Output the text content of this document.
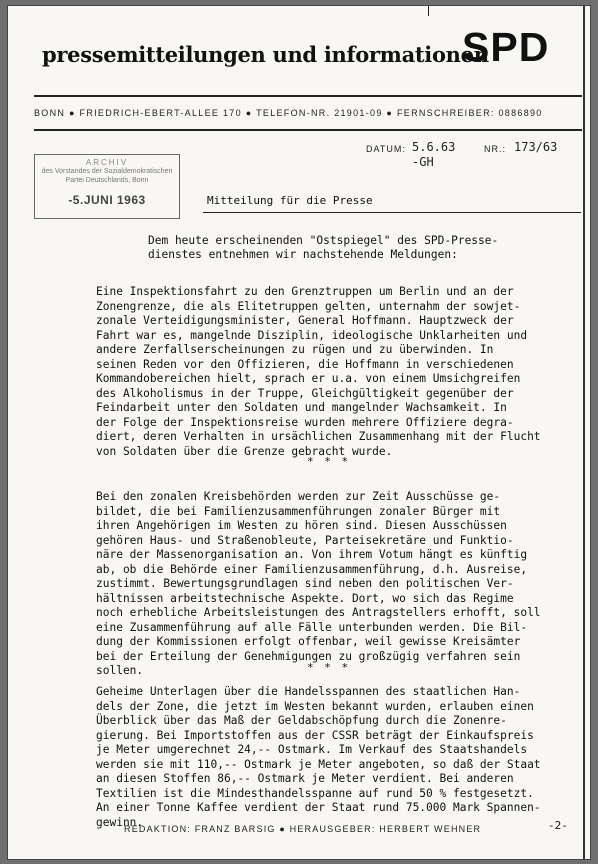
pressemitteilungen und informationen
SPD
BONN ● FRIEDRICH-EBERT-ALLEE 170 ● TELEFON-NR. 21901-09 ● FERNSCHREIBER: 0886890
DATUM: 5.6.63	NR.: 173/63
-GH
ARCHIV
des Vorstandes der Sozialdemokratischen
Partei Deutschlands, Bonn
-5.JUNI 1963	Mitteilung für die Presse
Dem heute erscheinenden "Ostspiegel" des SPD-Presse-
dienstes entnehmen wir nachstehende Meldungen:
Eine Inspektionsfahrt zu den Grenztruppen um Berlin und an der
Zonengrenze, die als Elitetruppen gelten, unternahm der sowjet-
zonale Verteidigungsminister, General Hoffmann. Hauptzweck der
Fahrt war es, mangelnde Disziplin, ideologische Unklarheiten und
andere Zerfallserscheinungen zu rügen und zu überwinden. In
seinen Reden vor den Offizieren, die Hoffmann in verschiedenen
Kommandobereichen hielt, sprach er u.a. von einem Umsichgreifen
des Alkoholismus in der Truppe, Gleichgültigkeit gegenüber der
Feindarbeit unter den Soldaten und mangelnder Wachsamkeit. In
der Folge der Inspektionsreise wurden mehrere Offiziere degra-
diert, deren Verhalten in ursächlichen Zusammenhang mit der Flucht
von Soldaten über die Grenze gebracht wurde.
* * *
Bei den zonalen Kreisbehörden werden zur Zeit Ausschüsse ge-
bildet, die bei Familienzusammenführungen zonaler Bürger mit
ihren Angehörigen im Westen zu hören sind. Diesen Ausschüssen
gehören Haus- und Straßenobleute, Parteisekretäre und Funktio-
näre der Massenorganisation an. Von ihrem Votum hängt es künftig
ab, ob die Behörde einer Familienzusammenführung, d.h. Ausreise,
zustimmt. Bewertungsgrundlagen sind neben den politischen Ver-
hältnissen arbeitstechnische Aspekte. Dort, wo sich das Regime
noch erhebliche Arbeitsleistungen des Antragstellers erhofft, soll
eine Zusammenführung auf alle Fälle unterbunden werden. Die Bil-
dung der Kommissionen erfolgt offenbar, weil gewisse Kreisämter
bei der Erteilung der Genehmigungen zu großzügig verfahren sein
sollen.	* * *
Geheime Unterlagen über die Handelsspannen des staatlichen Han-
dels der Zone, die jetzt im Westen bekannt wurden, erlauben einen
Überblick über das Maß der Geldabschöpfung durch die Zonenre-
gierung. Bei Importstoffen aus der CSSR beträgt der Einkaufspreis
je Meter umgerechnet 24,-- Ostmark. Im Verkauf des Staatshandels
werden sie mit 110,-- Ostmark je Meter angeboten, so daß der Staat
an diesen Stoffen 86,-- Ostmark je Meter verdient. Bei anderen
Textilien ist die Mindesthandelsspanne auf rund 50 % festgesetzt.
An einer Tonne Kaffee verdient der Staat rund 75.000 Mark Spannen-
gewinn.
REDAKTION: FRANZ BARSIG ● HERAUSGEBER: HERBERT WEHNER	-2-
